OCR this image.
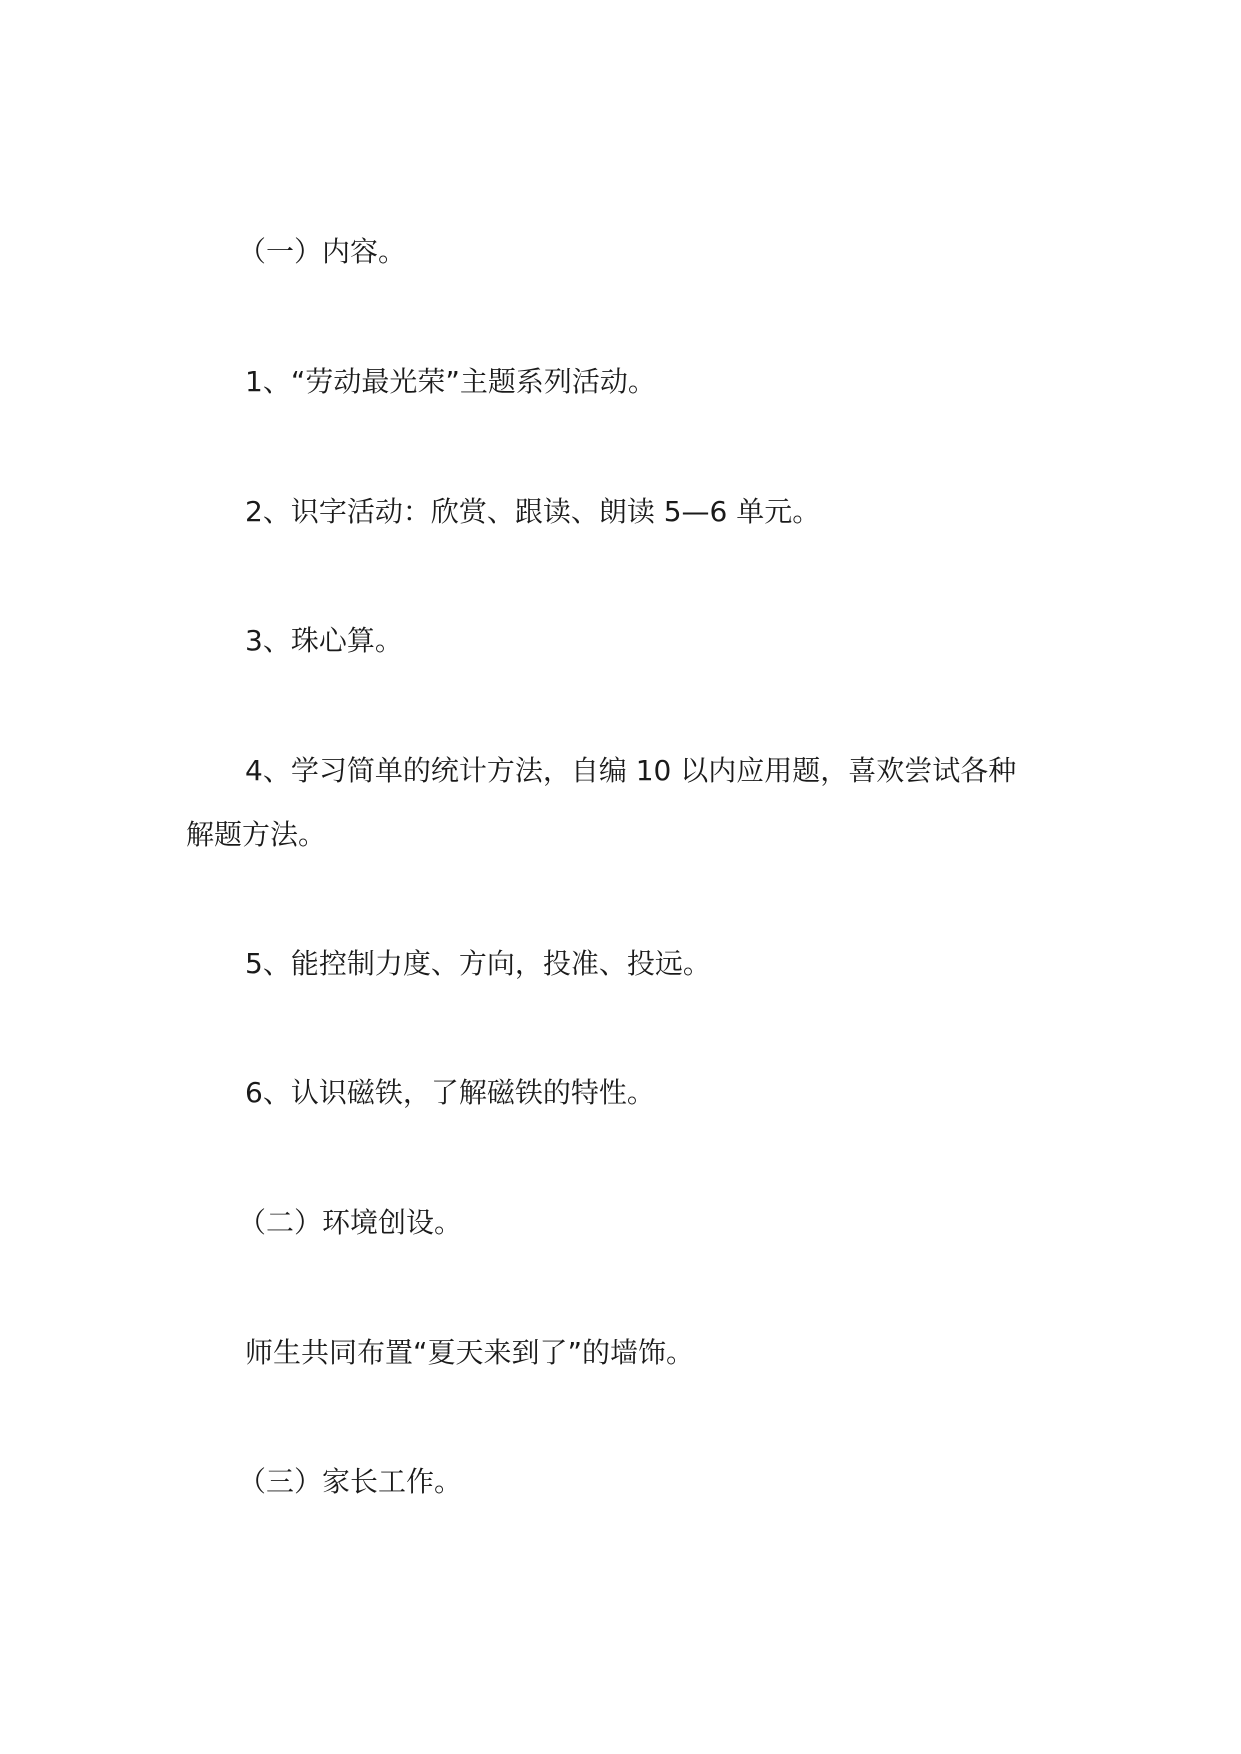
（一）内容。

1、“劳动最光荣”主题系列活动。

2、识字活动：欣赏、跟读、朗读 5—6 单元。

3、珠心算。

4、学习简单的统计方法，自编 10 以内应用题，喜欢尝试各种

解题方法。

5、能控制力度、方向，投准、投远。

6、认识磁铁，了解磁铁的特性。

（二）环境创设。

师生共同布置“夏天来到了”的墙饰。

（三）家长工作。
